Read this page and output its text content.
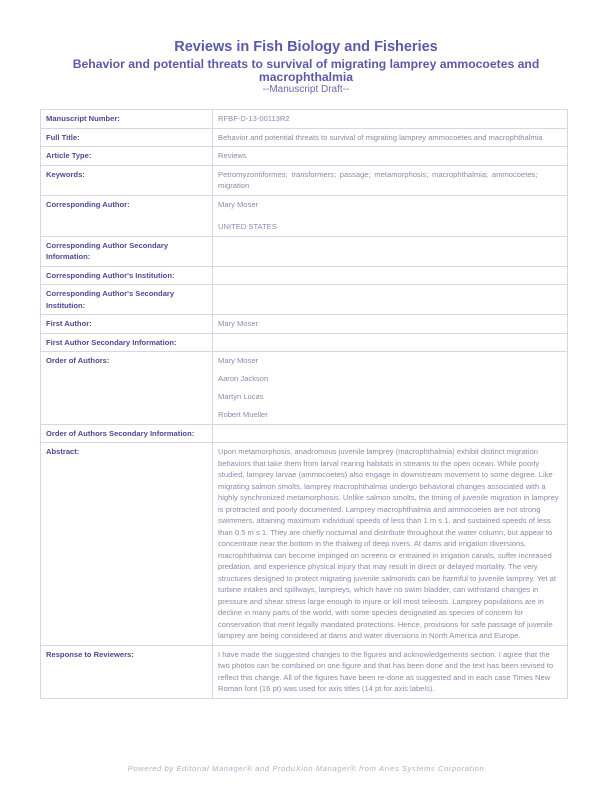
Reviews in Fish Biology and Fisheries
Behavior and potential threats to survival of migrating lamprey ammocoetes and macrophthalmia
--Manuscript Draft--
Manuscript Number:	RFBF-D-13-00113R2
Full Title:	Behavior and potential threats to survival of migrating lamprey ammocoetes and macrophthalmia
Article Type:	Reviews
Keywords:	Petromyzontiformes; transformers; passage; metamorphosis; macrophthalmia; ammocoetes; migration
Corresponding Author:	Mary Moser
UNITED STATES

Corresponding Author Secondary Information:	
Corresponding Author's Institution:	
Corresponding Author's Secondary Institution:	
First Author:	Mary Moser
First Author Secondary Information:	
Order of Authors:	Mary Moser
Aaron Jackson
Martyn Lucas
Robert Mueller

Order of Authors Secondary Information:	
Abstract:	Upon metamorphosis, anadromous juvenile lamprey (macrophthalmia) exhibit distinct migration behaviors that take them from larval rearing habitats in streams to the open ocean. While poorly studied, lamprey larvae (ammocoetes) also engage in downstream movement to some degree. Like migrating salmon smolts, lamprey macrophthalmia undergo behavioral changes associated with a highly synchronized metamorphosis. Unlike salmon smolts, the timing of juvenile migration in lamprey is protracted and poorly documented. Lamprey macrophthalmia and ammocoetes are not strong swimmers, attaining maximum individual speeds of less than 1 m s 1, and sustained speeds of less than 0.5 m s 1. They are chiefly nocturnal and distribute throughout the water column, but appear to concentrate near the bottom in the thalweg of deep rivers. At dams and irrigation diversions, macrophthalmia can become impinged on screens or entrained in irrigation canals, suffer increased predation, and experience physical injury that may result in direct or delayed mortality. The very structures designed to protect migrating juvenile salmonids can be harmful to juvenile lamprey. Yet at turbine intakes and spillways, lampreys, which have no swim bladder, can withstand changes in pressure and shear stress large enough to injure or kill most teleosts. Lamprey populations are in decline in many parts of the world, with some species designated as species of concern for conservation that merit legally mandated protections. Hence, provisions for safe passage of juvenile lamprey are being considered at dams and water diversions in North America and Europe.
Response to Reviewers:	I have made the suggested changes to the figures and acknowledgements section. I agree that the two photos can be combined on one figure and that has been done and the text has been revised to reflect this change. All of the figures have been re-done as suggested and in each case Times New Roman font (16 pt) was used for axis titles (14 pt for axis labels).
Powered by Editorial Manager® and ProduXion Manager® from Aries Systems Corporation
